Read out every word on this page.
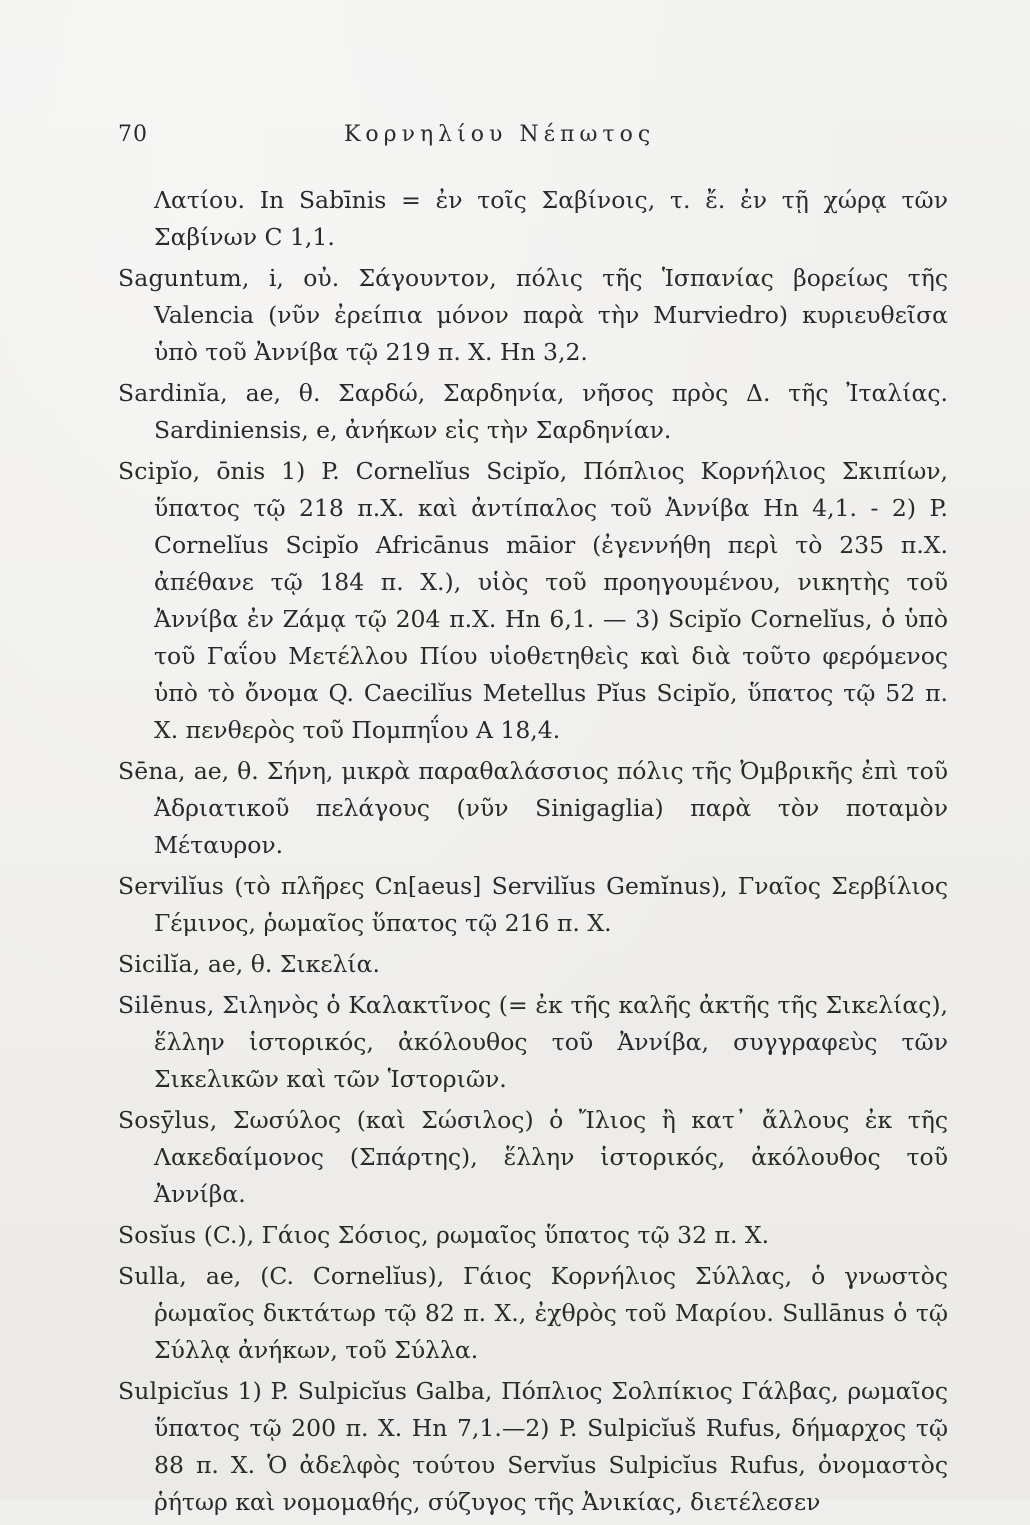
70	Κορνηλίου Νέπωτος

Λατίου. In Sabīnis = ἐν τοῖς Σαβίνοις, τ. ἔ. ἐν τῇ χώρᾳ τῶν Σαβίνων C 1,1.

Saguntum, i, οὐ. Σάγουντον, πόλις τῆς Ἱσπανίας βορείως τῆς Valencia (νῦν ἐρείπια μόνον παρὰ τὴν Murviedro) κυριευθεῖσα ὑπὸ τοῦ Ἀννίβα τῷ 219 π. Χ. Hn 3,2.

Sardinĭa, ae, θ. Σαρδώ, Σαρδηνία, νῆσος πρὸς Δ. τῆς Ἰταλίας. Sardiniensis, e, ἀνήκων εἰς τὴν Σαρδηνίαν.

Scipĭo, ōnis 1) P. Cornelĭus Scipĭo, Πόπλιος Κορνήλιος Σκιπίων, ὕπατος τῷ 218 π.Χ. καὶ ἀντίπαλος τοῦ Ἀννίβα Hn 4,1. - 2) P. Cornelĭus Scipĭo Africānus māior (ἐγεννήθη περὶ τὸ 235 π.Χ. ἀπέθανε τῷ 184 π. Χ.), υἱὸς τοῦ προηγουμένου, νικητὴς τοῦ Ἀννίβα ἐν Ζάμᾳ τῷ 204 π.Χ. Hn 6,1. — 3) Scipĭo Cornelĭus, ὁ ὑπὸ τοῦ Γαΐου Μετέλλου Πίου υἱοθετηθεὶς καὶ διὰ τοῦτο φερόμενος ὑπὸ τὸ ὄνομα Q. Caecilĭus Metellus Pĭus Scipĭo, ὕπατος τῷ 52 π. Χ. πενθερὸς τοῦ Πομπηΐου A 18,4.

Sēna, ae, θ. Σήνη, μικρὰ παραθαλάσσιος πόλις τῆς Ὀμβρικῆς ἐπὶ τοῦ Ἀδριατικοῦ πελάγους (νῦν Sinigaglia) παρὰ τὸν ποταμὸν Μέταυρον.

Servilĭus (τὸ πλῆρες Cn[aeus] Servilĭus Gemĭnus), Γναῖος Σερβίλιος Γέμινος, ῥωμαῖος ὕπατος τῷ 216 π. Χ.

Sicilĭa, ae, θ. Σικελία.

Silēnus, Σιληνὸς ὁ Καλακτῖνος (= ἐκ τῆς καλῆς ἀκτῆς τῆς Σικελίας), ἕλλην ἱστορικός, ἀκόλουθος τοῦ Ἀννίβα, συγγραφεὺς τῶν Σικελικῶν καὶ τῶν Ἱστοριῶν.

Sosȳlus, Σωσύλος (καὶ Σώσιλος) ὁ Ἴλιος ἢ κατ᾽ ἄλλους ἐκ τῆς Λακεδαίμονος (Σπάρτης), ἕλλην ἱστορικός, ἀκόλουθος τοῦ Ἀννίβα.

Sosĭus (C.), Γάιος Σόσιος, ρωμαῖος ὕπατος τῷ 32 π. Χ.

Sulla, ae, (C. Cornelĭus), Γάιος Κορνήλιος Σύλλας, ὁ γνωστὸς ῥωμαῖος δικτάτωρ τῷ 82 π. Χ., ἐχθρὸς τοῦ Μαρίου. Sullānus ὁ τῷ Σύλλᾳ ἀνήκων, τοῦ Σύλλα.

Sulpicĭus 1) P. Sulpicĭus Galba, Πόπλιος Σολπίκιος Γάλβας, ρωμαῖος ὕπατος τῷ 200 π. Χ. Hn 7,1.—2) P. Sulpicĭuš Rufus, δήμαρχος τῷ 88 π. Χ. Ὁ ἀδελφὸς τούτου Servĭus Sulpicĭus Rufus, ὀνομαστὸς ῥήτωρ καὶ νομομαθής, σύζυγος τῆς Ἀνικίας, διετέλεσεν
